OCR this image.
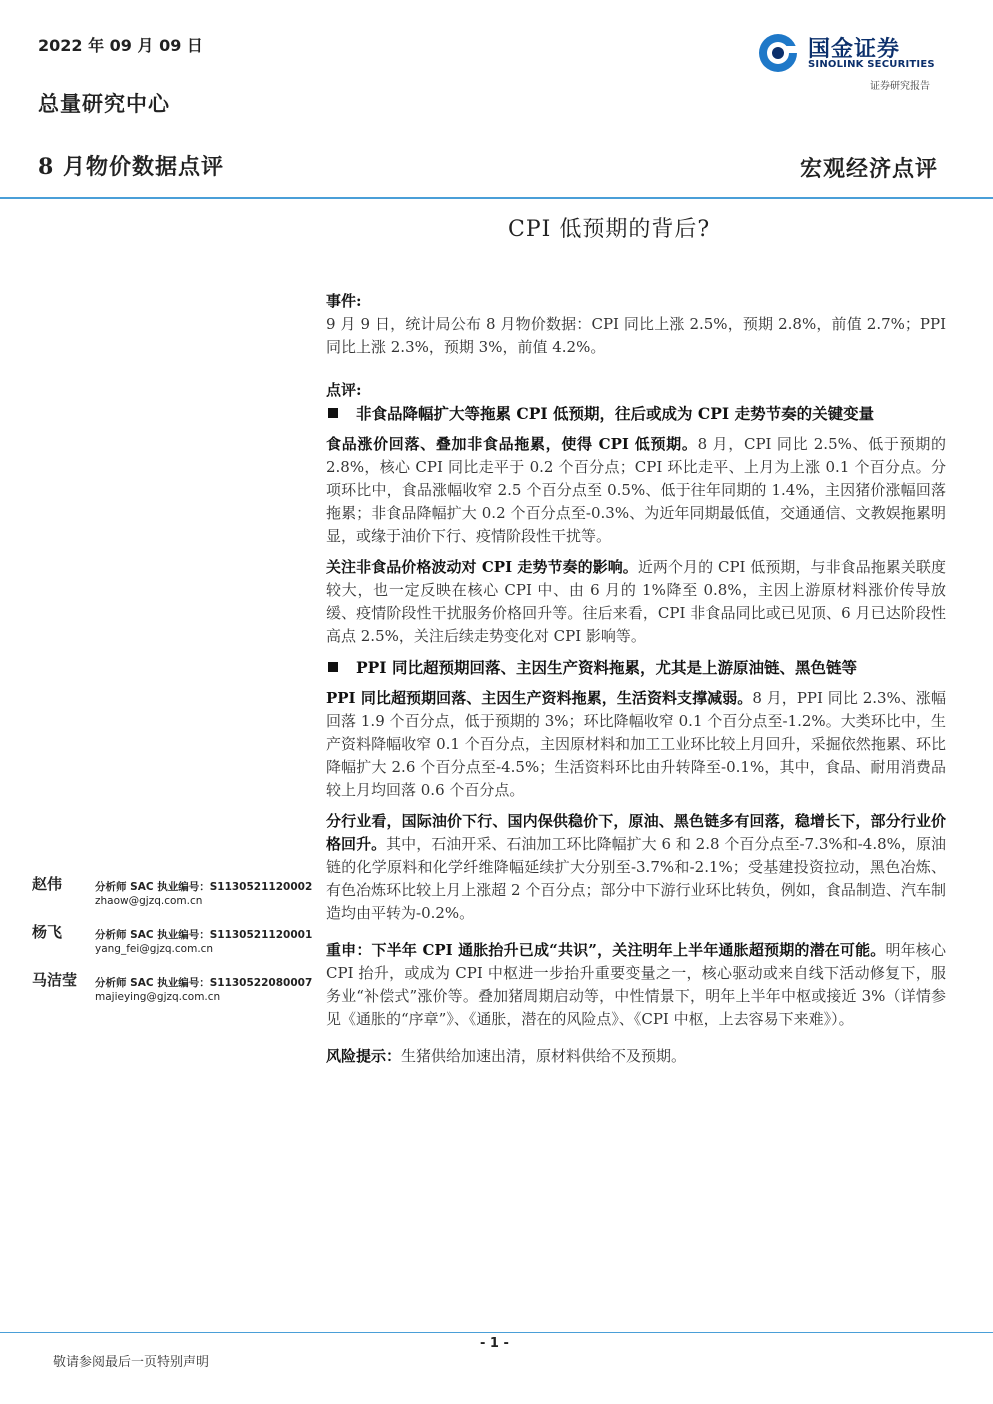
2022 年 09 月 09 日
总量研究中心
国金证券
SINOLINK SECURITIES
证券研究报告
8 月物价数据点评	宏观经济点评
CPI 低预期的背后?
事件:
9 月 9 日，统计局公布 8 月物价数据：CPI 同比上涨 2.5%，预期 2.8%，前值 2.7%；PPI 同比上涨 2.3%，预期 3%，前值 4.2%。
点评:
非食品降幅扩大等拖累 CPI 低预期，往后或成为 CPI 走势节奏的关键变量
食品涨价回落、叠加非食品拖累，使得 CPI 低预期。8 月，CPI 同比 2.5%、低于预期的 2.8%，核心 CPI 同比走平于 0.2 个百分点；CPI 环比走平、上月为上涨 0.1 个百分点。分项环比中，食品涨幅收窄 2.5 个百分点至 0.5%、低于往年同期的 1.4%，主因猪价涨幅回落拖累；非食品降幅扩大 0.2 个百分点至-0.3%、为近年同期最低值，交通通信、文教娱拖累明显，或缘于油价下行、疫情阶段性干扰等。
关注非食品价格波动对 CPI 走势节奏的影响。近两个月的 CPI 低预期，与非食品拖累关联度较大，也一定反映在核心 CPI 中、由 6 月的 1%降至 0.8%，主因上游原材料涨价传导放缓、疫情阶段性干扰服务价格回升等。往后来看，CPI 非食品同比或已见顶、6 月已达阶段性高点 2.5%，关注后续走势变化对 CPI 影响等。
PPI 同比超预期回落、主因生产资料拖累，尤其是上游原油链、黑色链等
PPI 同比超预期回落、主因生产资料拖累，生活资料支撑减弱。8 月，PPI 同比 2.3%、涨幅回落 1.9 个百分点，低于预期的 3%；环比降幅收窄 0.1 个百分点至-1.2%。大类环比中，生产资料降幅收窄 0.1 个百分点，主因原材料和加工工业环比较上月回升，采掘依然拖累、环比降幅扩大 2.6 个百分点至-4.5%；生活资料环比由升转降至-0.1%，其中，食品、耐用消费品较上月均回落 0.6 个百分点。
分行业看，国际油价下行、国内保供稳价下，原油、黑色链多有回落，稳增长下，部分行业价格回升。其中，石油开采、石油加工环比降幅扩大 6 和 2.8 个百分点至-7.3%和-4.8%，原油链的化学原料和化学纤维降幅延续扩大分别至-3.7%和-2.1%；受基建投资拉动，黑色冶炼、有色冶炼环比较上月上涨超 2 个百分点；部分中下游行业环比转负，例如，食品制造、汽车制造均由平转为-0.2%。
重申：下半年 CPI 通胀抬升已成“共识”，关注明年上半年通胀超预期的潜在可能。明年核心 CPI 抬升，或成为 CPI 中枢进一步抬升重要变量之一，核心驱动或来自线下活动修复下，服务业“补偿式”涨价等。叠加猪周期启动等，中性情景下，明年上半年中枢或接近 3%（详情参见《通胀的“序章”》、《通胀，潜在的风险点》、《CPI 中枢，上去容易下来难》）。
风险提示：生猪供给加速出清，原材料供给不及预期。
赵伟	分析师 SAC 执业编号：S1130521120002
zhaow@gjzq.com.cn
杨飞	分析师 SAC 执业编号：S1130521120001
yang_fei@gjzq.com.cn
马洁莹 分析师 SAC 执业编号：S1130522080007
majieying@gjzq.com.cn
- 1 -
敬请参阅最后一页特别声明
